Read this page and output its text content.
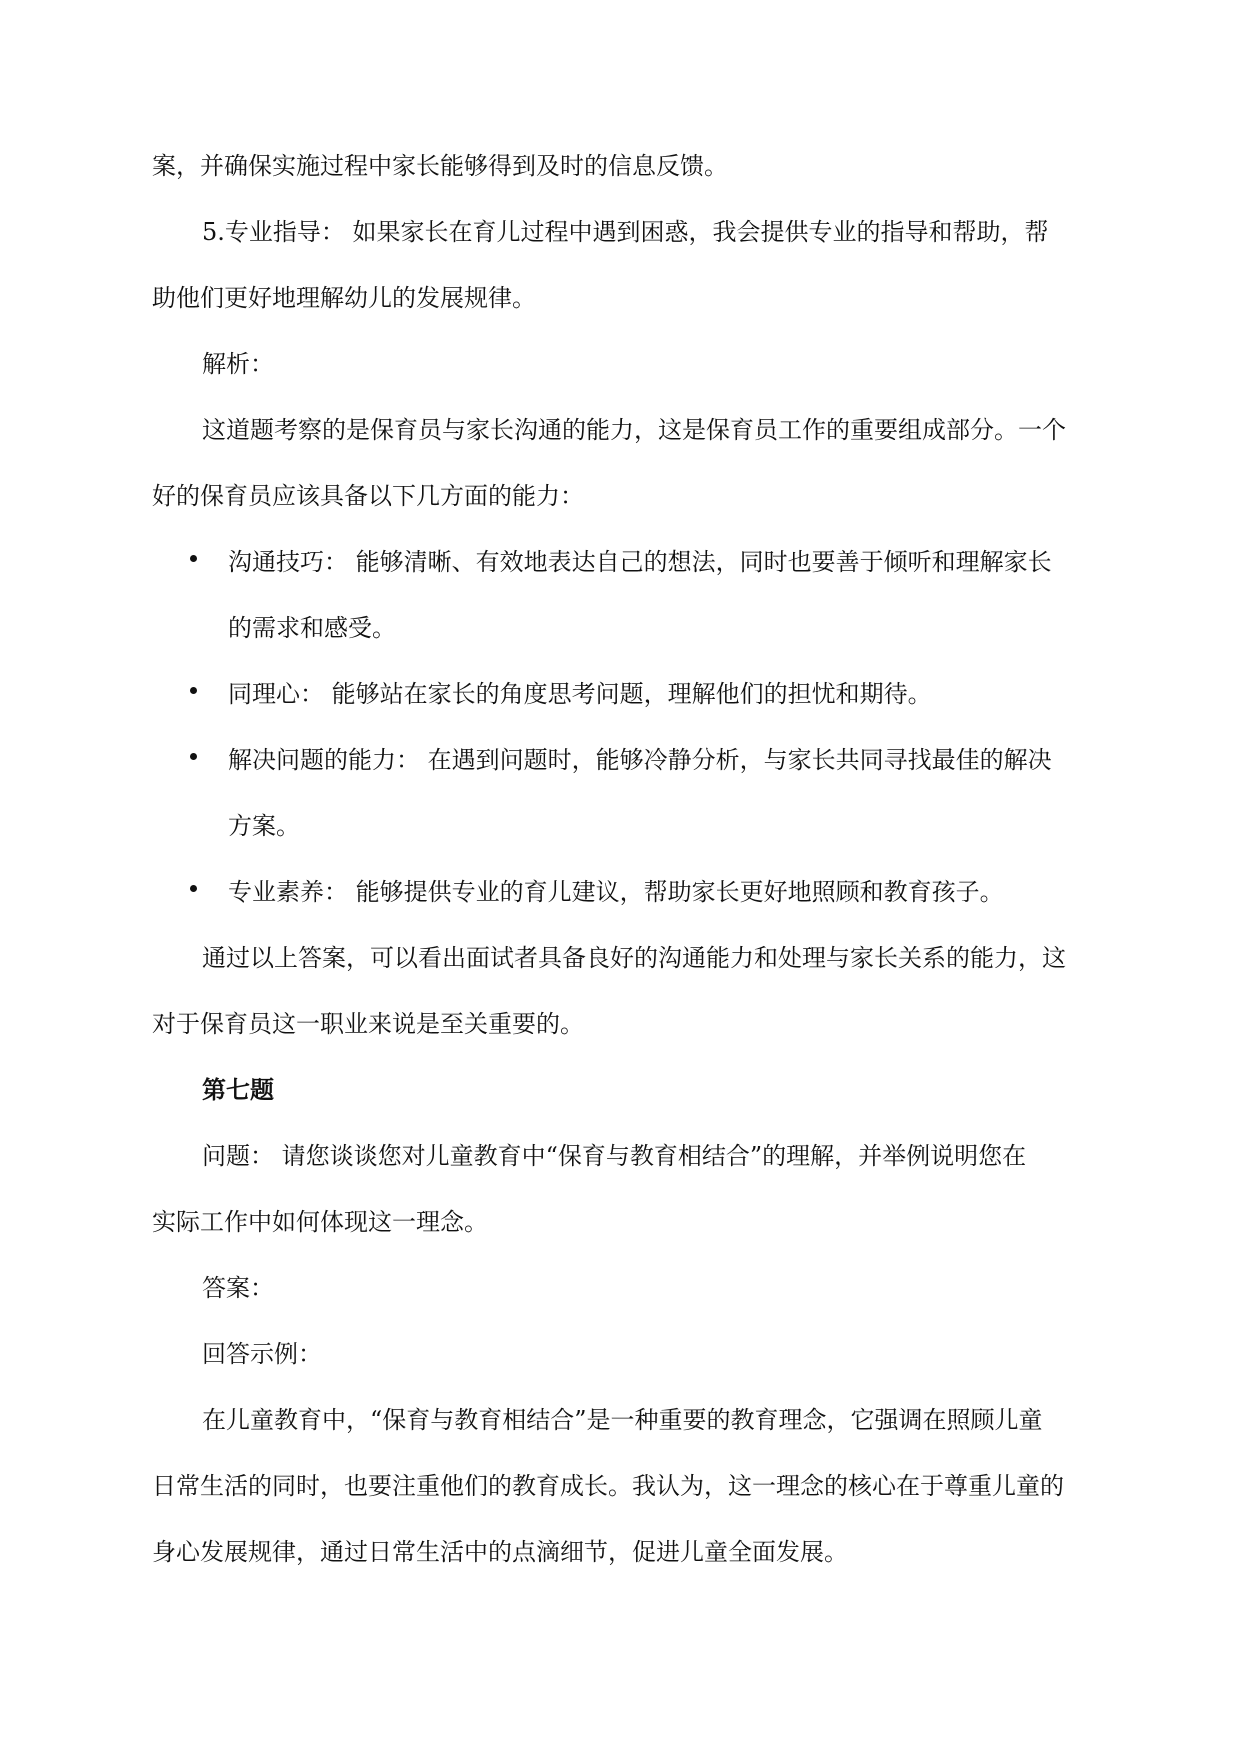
案，并确保实施过程中家长能够得到及时的信息反馈。
5.专业指导： 如果家长在育儿过程中遇到困惑，我会提供专业的指导和帮助，帮
助他们更好地理解幼儿的发展规律。
解析：
这道题考察的是保育员与家长沟通的能力，这是保育员工作的重要组成部分。一个
好的保育员应该具备以下几方面的能力：
沟通技巧： 能够清晰、有效地表达自己的想法，同时也要善于倾听和理解家长
的需求和感受。
同理心： 能够站在家长的角度思考问题，理解他们的担忧和期待。
解决问题的能力： 在遇到问题时，能够冷静分析，与家长共同寻找最佳的解决
方案。
专业素养： 能够提供专业的育儿建议，帮助家长更好地照顾和教育孩子。
通过以上答案，可以看出面试者具备良好的沟通能力和处理与家长关系的能力，这
对于保育员这一职业来说是至关重要的。
第七题
问题： 请您谈谈您对儿童教育中“保育与教育相结合”的理解，并举例说明您在
实际工作中如何体现这一理念。
答案：
回答示例：
在儿童教育中，“保育与教育相结合”是一种重要的教育理念，它强调在照顾儿童
日常生活的同时，也要注重他们的教育成长。我认为，这一理念的核心在于尊重儿童的
身心发展规律，通过日常生活中的点滴细节，促进儿童全面发展。
